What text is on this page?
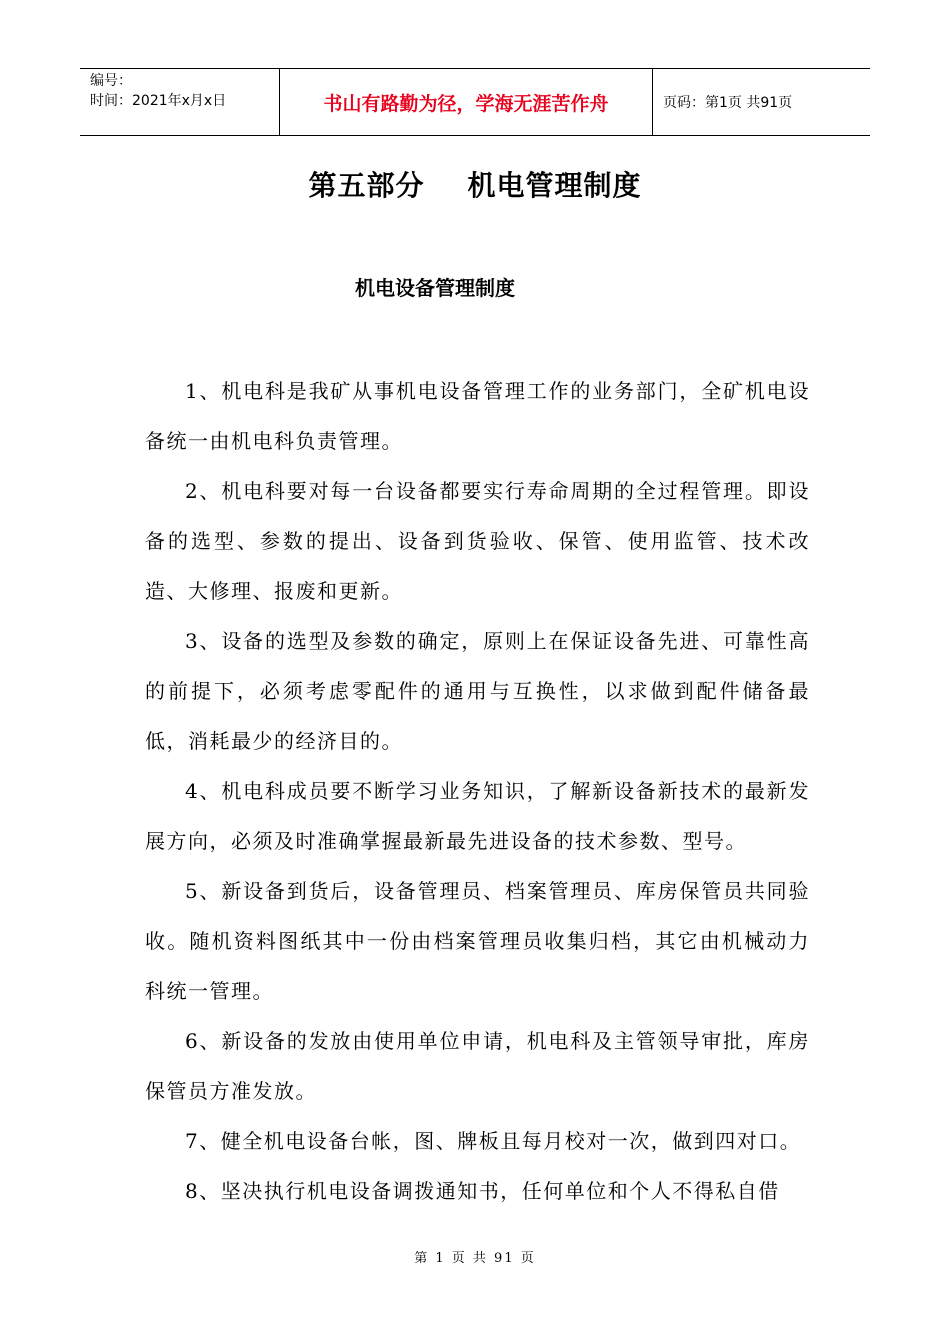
编号：
时间：2021年x月x日	书山有路勤为径，学海无涯苦作舟	页码：第1页 共91页
第五部分    机电管理制度
机电设备管理制度

1、机电科是我矿从事机电设备管理工作的业务部门，全矿机电设备统一由机电科负责管理。

2、机电科要对每一台设备都要实行寿命周期的全过程管理。即设备的选型、参数的提出、设备到货验收、保管、使用监管、技术改造、大修理、报废和更新。

3、设备的选型及参数的确定，原则上在保证设备先进、可靠性高的前提下，必须考虑零配件的通用与互换性，以求做到配件储备最低，消耗最少的经济目的。

4、机电科成员要不断学习业务知识，了解新设备新技术的最新发展方向，必须及时准确掌握最新最先进设备的技术参数、型号。

5、新设备到货后，设备管理员、档案管理员、库房保管员共同验收。随机资料图纸其中一份由档案管理员收集归档，其它由机械动力科统一管理。

6、新设备的发放由使用单位申请，机电科及主管领导审批，库房保管员方准发放。

7、健全机电设备台帐，图、牌板且每月校对一次，做到四对口。

8、坚决执行机电设备调拨通知书，任何单位和个人不得私自借

第 1 页 共 91 页
